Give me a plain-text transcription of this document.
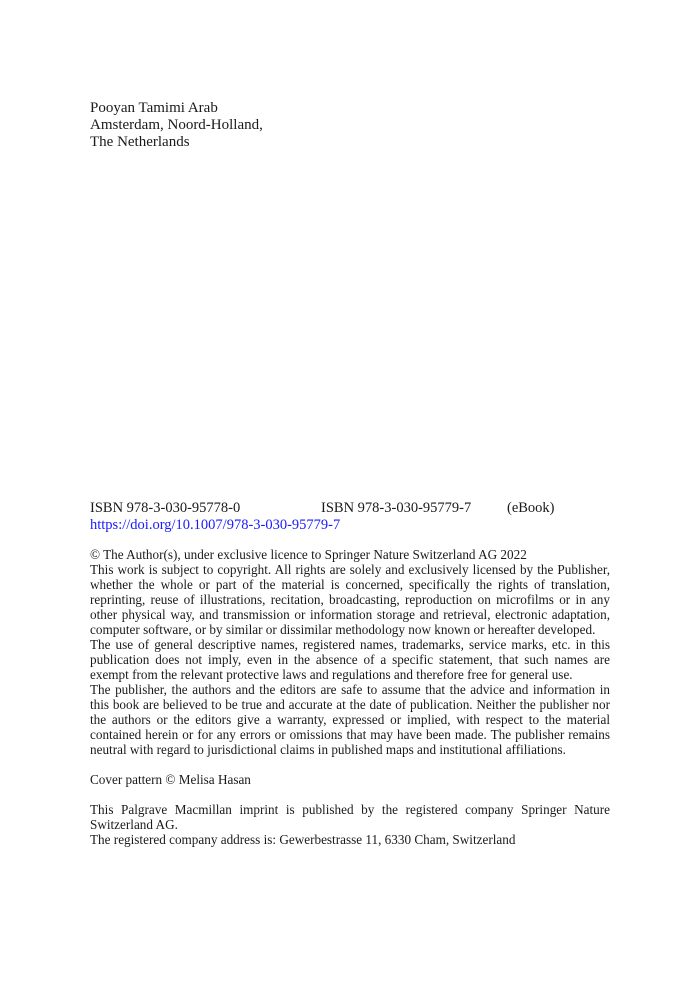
Pooyan Tamimi Arab
Amsterdam, Noord-Holland,
The Netherlands
ISBN 978-3-030-95778-0	ISBN 978-3-030-95779-7 (eBook)
https://doi.org/10.1007/978-3-030-95779-7

© The Author(s), under exclusive licence to Springer Nature Switzerland AG 2022

This work is subject to copyright. All rights are solely and exclusively licensed by the Publisher, whether the whole or part of the material is concerned, specifically the rights of translation, reprinting, reuse of illustrations, recitation, broadcasting, reproduction on microfilms or in any other physical way, and transmission or information storage and retrieval, electronic adaptation, computer software, or by similar or dissimilar methodology now known or hereafter developed.

The use of general descriptive names, registered names, trademarks, service marks, etc. in this publication does not imply, even in the absence of a specific statement, that such names are exempt from the relevant protective laws and regulations and therefore free for general use.

The publisher, the authors and the editors are safe to assume that the advice and information in this book are believed to be true and accurate at the date of publication. Neither the publisher nor the authors or the editors give a warranty, expressed or implied, with respect to the material contained herein or for any errors or omissions that may have been made. The publisher remains neutral with regard to jurisdictional claims in published maps and institutional affiliations.

Cover pattern © Melisa Hasan

This Palgrave Macmillan imprint is published by the registered company Springer Nature Switzerland AG.

The registered company address is: Gewerbestrasse 11, 6330 Cham, Switzerland
